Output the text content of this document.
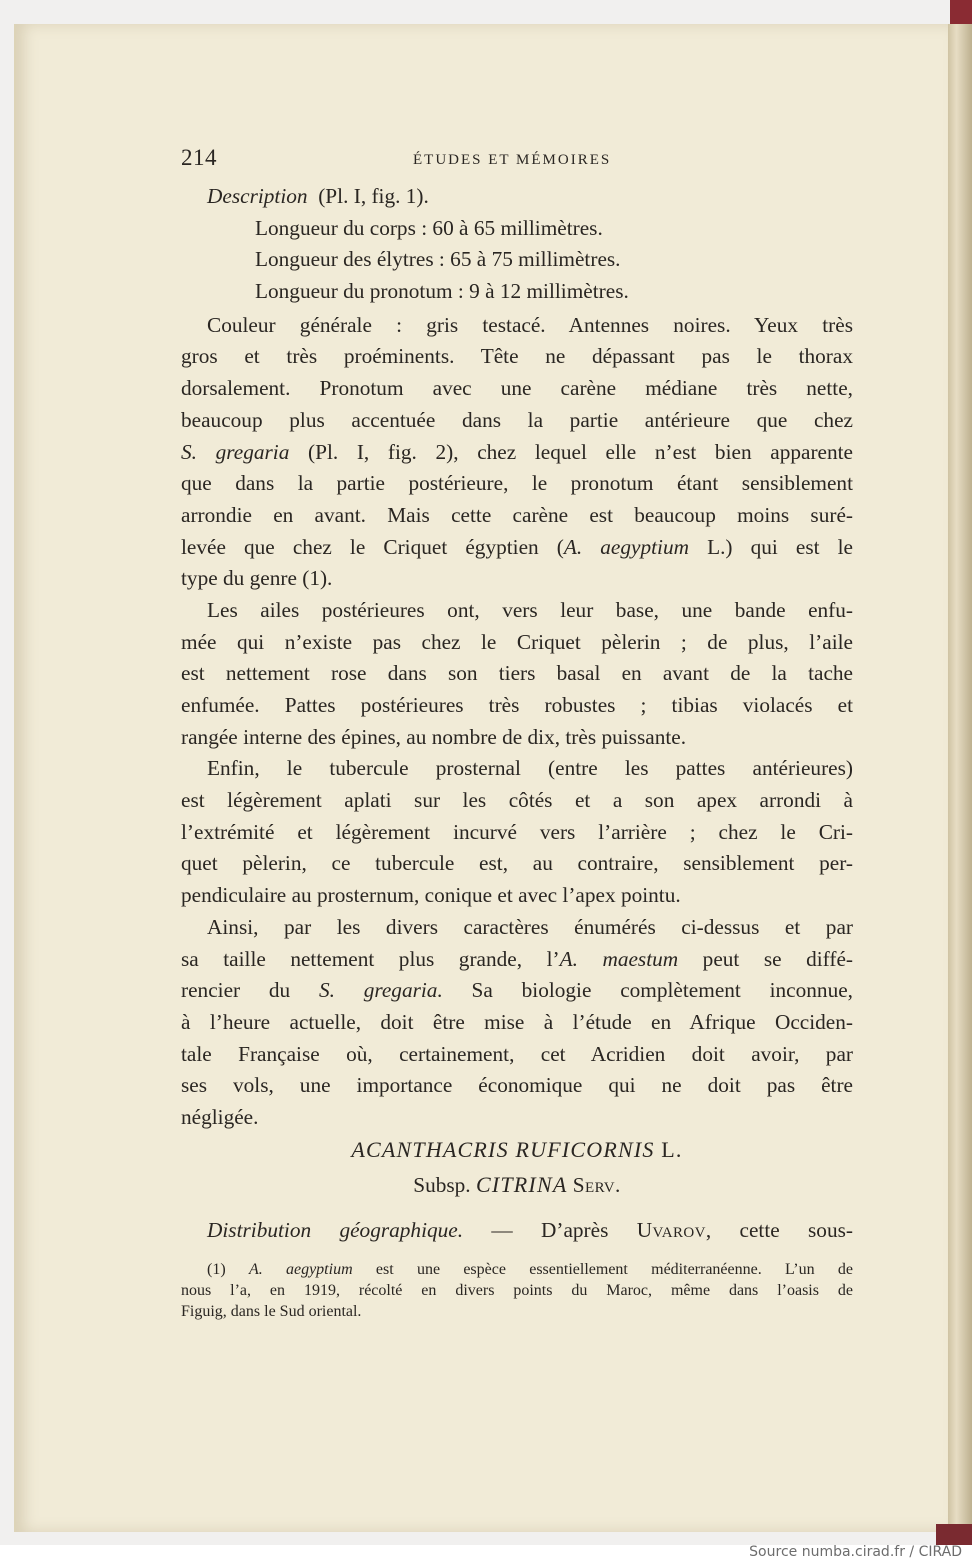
214	ÉTUDES ET MÉMOIRES
Description (Pl. I, fig. 1).
Longueur du corps : 60 à 65 millimètres.
Longueur des élytres : 65 à 75 millimètres.
Longueur du pronotum : 9 à 12 millimètres.
Couleur générale : gris testacé. Antennes noires. Yeux très
gros et très proéminents. Tête ne dépassant pas le thorax
dorsalement. Pronotum avec une carène médiane très nette,
beaucoup plus accentuée dans la partie antérieure que chez
S. gregaria (Pl. I, fig. 2), chez lequel elle n’est bien apparente
que dans la partie postérieure, le pronotum étant sensiblement
arrondie en avant. Mais cette carène est beaucoup moins suré-
levée que chez le Criquet égyptien (A. aegyptium L.) qui est le
type du genre (1).
Les ailes postérieures ont, vers leur base, une bande enfu-
mée qui n’existe pas chez le Criquet pèlerin ; de plus, l’aile
est nettement rose dans son tiers basal en avant de la tache
enfumée. Pattes postérieures très robustes ; tibias violacés et
rangée interne des épines, au nombre de dix, très puissante.
Enfin, le tubercule prosternal (entre les pattes antérieures)
est légèrement aplati sur les côtés et a son apex arrondi à
l’extrémité et légèrement incurvé vers l’arrière ; chez le Cri-
quet pèlerin, ce tubercule est, au contraire, sensiblement per-
pendiculaire au prosternum, conique et avec l’apex pointu.
Ainsi, par les divers caractères énumérés ci-dessus et par
sa taille nettement plus grande, l’A. maestum peut se diffé-
rencier du S. gregaria. Sa biologie complètement inconnue,
à l’heure actuelle, doit être mise à l’étude en Afrique Occiden-
tale Française où, certainement, cet Acridien doit avoir, par
ses vols, une importance économique qui ne doit pas être
négligée.
ACANTHACRIS RUFICORNIS L.
Subsp. CITRINA Serv.
Distribution géographique. — D’après Uvarov, cette sous-
(1) A. aegyptium est une espèce essentiellement méditerranéenne. L’un de
nous l’a, en 1919, récolté en divers points du Maroc, même dans l’oasis de
Figuig, dans le Sud oriental.
Source numba.cirad.fr / CIRAD
